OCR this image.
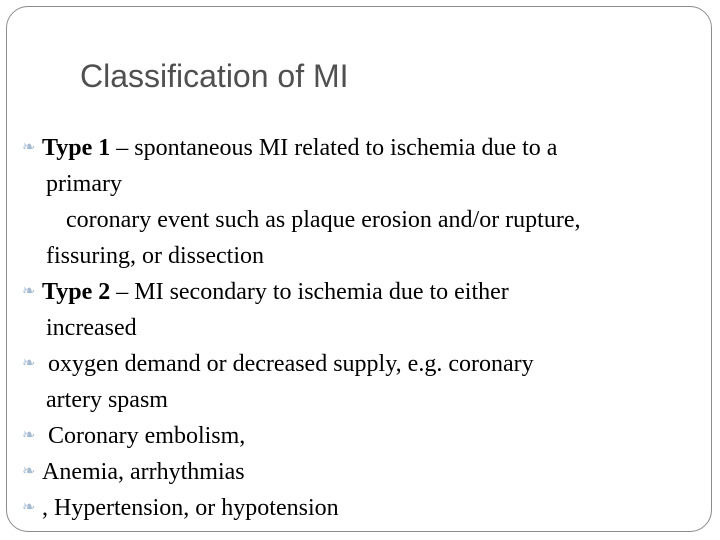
Classification of MI
❧ Type 1 – spontaneous MI related to ischemia due to a
primary
coronary event such as plaque erosion and/or rupture,
fissuring, or dissection
❧ Type 2 – MI secondary to ischemia due to either
increased
❧ oxygen demand or decreased supply, e.g. coronary
artery spasm
❧ Coronary embolism,
❧ Anemia, arrhythmias
❧ , Hypertension, or hypotension
